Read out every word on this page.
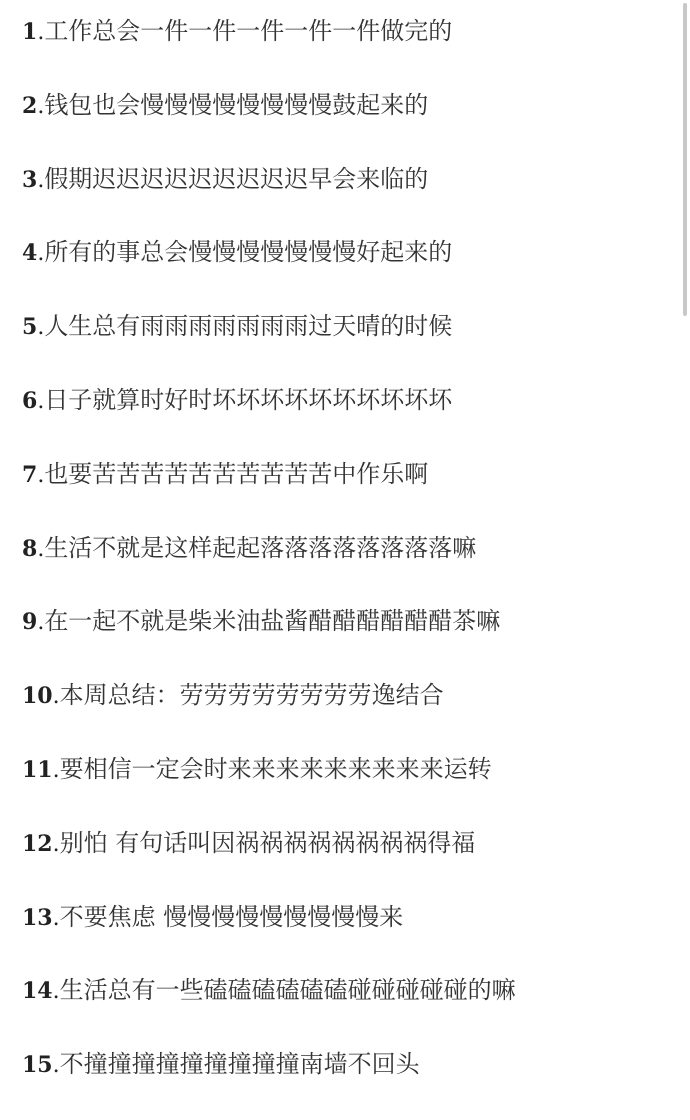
1.工作总会一件一件一件一件一件做完的
2.钱包也会慢慢慢慢慢慢慢慢鼓起来的
3.假期迟迟迟迟迟迟迟迟迟早会来临的
4.所有的事总会慢慢慢慢慢慢慢好起来的
5.人生总有雨雨雨雨雨雨雨过天晴的时候
6.日子就算时好时坏坏坏坏坏坏坏坏坏坏
7.也要苦苦苦苦苦苦苦苦苦苦中作乐啊
8.生活不就是这样起起落落落落落落落落嘛
9.在一起不就是柴米油盐酱醋醋醋醋醋醋茶嘛
10.本周总结：劳劳劳劳劳劳劳劳逸结合
11.要相信一定会时来来来来来来来来来运转
12.别怕 有句话叫因祸祸祸祸祸祸祸祸得福
13.不要焦虑 慢慢慢慢慢慢慢慢慢来
14.生活总有一些磕磕磕磕磕磕碰碰碰碰碰的嘛
15.不撞撞撞撞撞撞撞撞撞南墙不回头
